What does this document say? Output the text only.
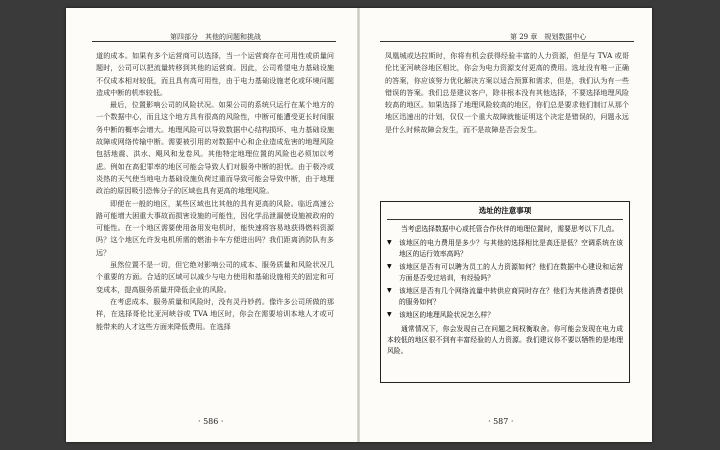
第四部分　其他的问题和挑战

道的成本。如果有多个运营商可以选择，当一个运营商存在可用性或质量问题时，公司可以把流量转移到其他的运营商。因此，公司希望电力基础设施不仅成本相对较低，而且具有高可用性，由于电力基础设施老化或环境问题造成中断的机率较低。

最后，位置影响公司的风险状况。如果公司的系统只运行在某个地方的一个数据中心，而且这个地方具有很高的风险性，中断可能遭受更长时间服务中断的概率会增大。地理风险可以导致数据中心结构损坏、电力基础设施故障或网络传输中断。需要被引用的对数据中心和企业造成危害的地理风险包括地震、洪水、飓风和龙卷风。其他特定地理位置的风险也必须加以考虑。例如在高犯罪率的地区可能会导致人们对服务中断的担忧。由于极冷或炎热的天气使当地电力基础设施负荷过重而导致可能会导致中断，由于地理政治的原因吸引恐怖分子的区域也具有更高的地理风险。

即便在一般的地区，某些区域也比其他的具有更高的风险。临近高速公路可能增大困重大事故而损害设施的可能性，因化学品泄漏使设施被政府的可能性。在一个地区需要使用备用发电机时，能快速将容易地获得燃料资源吗？这个地区允许发电机所需的燃油卡车方便进出吗？我们距离消防队有多远？

虽然位置不是一切，但它绝对影响公司的成本、服务质量和风险状况几个重要的方面。合适的区域可以减少与电力使用和基础设施相关的固定和可变成本，提高服务质量并降低企业的风险。

在考虑成本、服务质量和风险时，没有灵丹妙药。像许多公司所做的那样，在选择哥伦比亚河峡谷或 TVA 地区时，你会在需要培训本地人才或可能带来的人才这些方面来降低费用。在选择

· 586 ·
第 29 章　规划数据中心

凤凰城或达拉斯时，你将有机会获得经验丰富的人力资源，但是与 TVA 或哥伦比亚河峡谷地区相比，你会为电力资源支付更高的费用。选址没有唯一正确的答案，你应该努力优化解决方案以适合预算和需求，但是，我们认为有一些错误的答案。我们总是建议客户，除非根本没有其他选择，不要选择地理风险较高的地区。如果选择了地理风险较高的地区，你们总是要求他们制订从那个地区迅速出的计划，仅仅一个重大故障就能证明这个决定是错误的，问题永远是什么时候故障会发生，而不是故障是否会发生。

选址的注意事项

当考虑选择数据中心或托管合作伙伴的地理位置时，需要思考以下几点。

▼	该地区的电力费用是多少？与其他的选择相比是高还是低？空调系统在该地区的运行效率高吗？
▼	该地区是否有可以聘为员工的人力资源如何？他们在数据中心建设和运营方面是否受过培训，有经验吗？
▼	该地区是否有几个网络流量中转供应商同时存在？他们为其他消费者提供的服务如何？
▼	该地区的地理风险状况怎么样？

通常情况下，你会发现自己在问题之间权衡取舍。你可能会发现在电力成本较低的地区很不到有丰富经验的人力资源。我们建议你不要以牺牲的是地理风险。

· 587 ·
